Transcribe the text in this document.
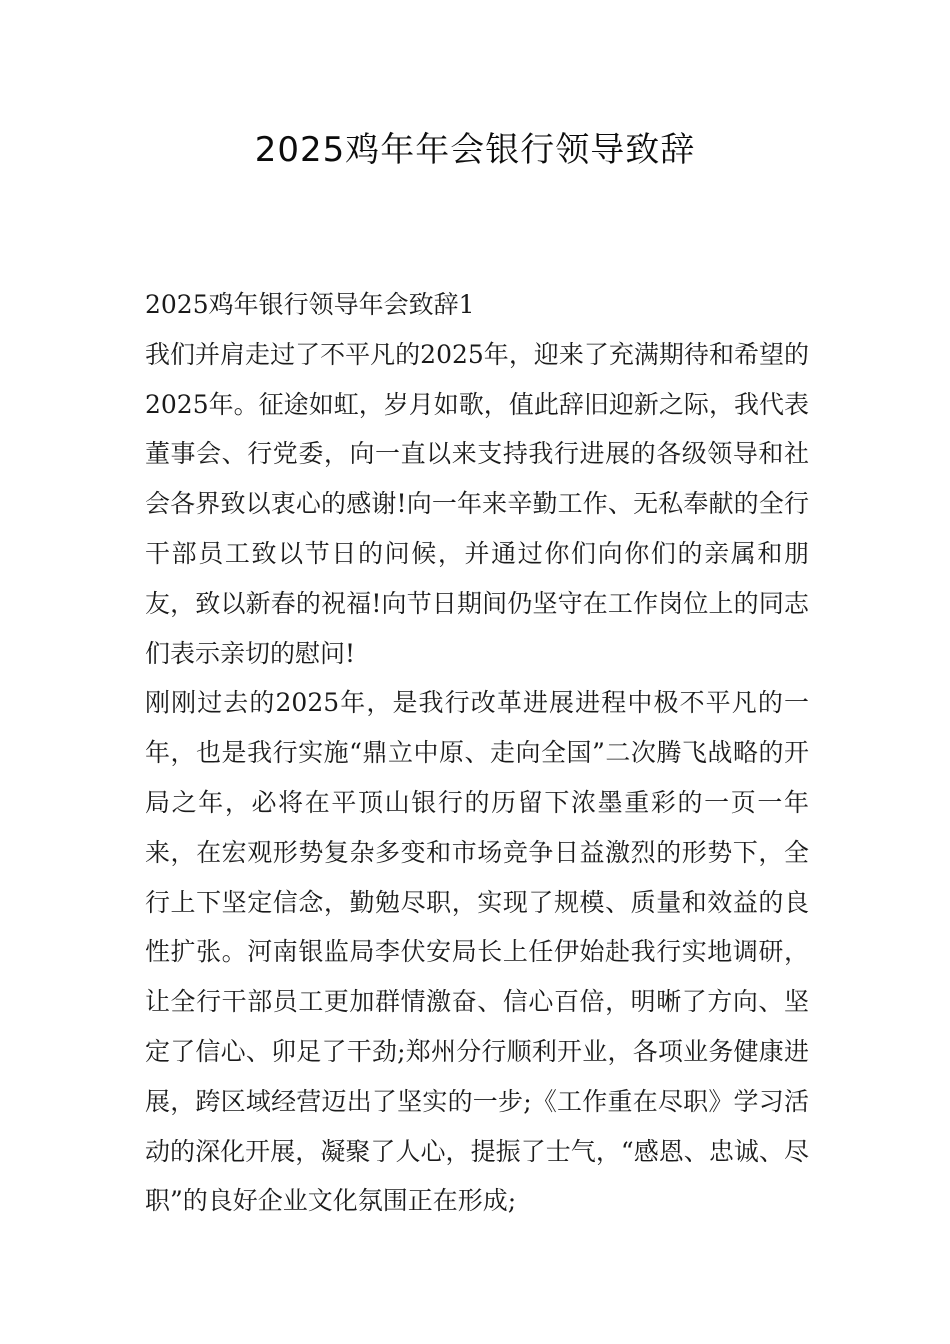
2025鸡年年会银行领导致辞

2025鸡年银行领导年会致辞1

我们并肩走过了不平凡的2025年，迎来了充满期待和希望的2025年。征途如虹，岁月如歌，值此辞旧迎新之际，我代表董事会、行党委，向一直以来支持我行进展的各级领导和社会各界致以衷心的感谢!向一年来辛勤工作、无私奉献的全行干部员工致以节日的问候，并通过你们向你们的亲属和朋友，致以新春的祝福!向节日期间仍坚守在工作岗位上的同志们表示亲切的慰问!

刚刚过去的2025年，是我行改革进展进程中极不平凡的一年，也是我行实施“鼎立中原、走向全国”二次腾飞战略的开局之年，必将在平顶山银行的历留下浓墨重彩的一页一年来，在宏观形势复杂多变和市场竞争日益激烈的形势下，全行上下坚定信念，勤勉尽职，实现了规模、质量和效益的良性扩张。河南银监局李伏安局长上任伊始赴我行实地调研，让全行干部员工更加群情激奋、信心百倍，明晰了方向、坚定了信心、卯足了干劲;郑州分行顺利开业，各项业务健康进展，跨区域经营迈出了坚实的一步;《工作重在尽职》学习活动的深化开展，凝聚了人心，提振了士气，“感恩、忠诚、尽职”的良好企业文化氛围正在形成;
